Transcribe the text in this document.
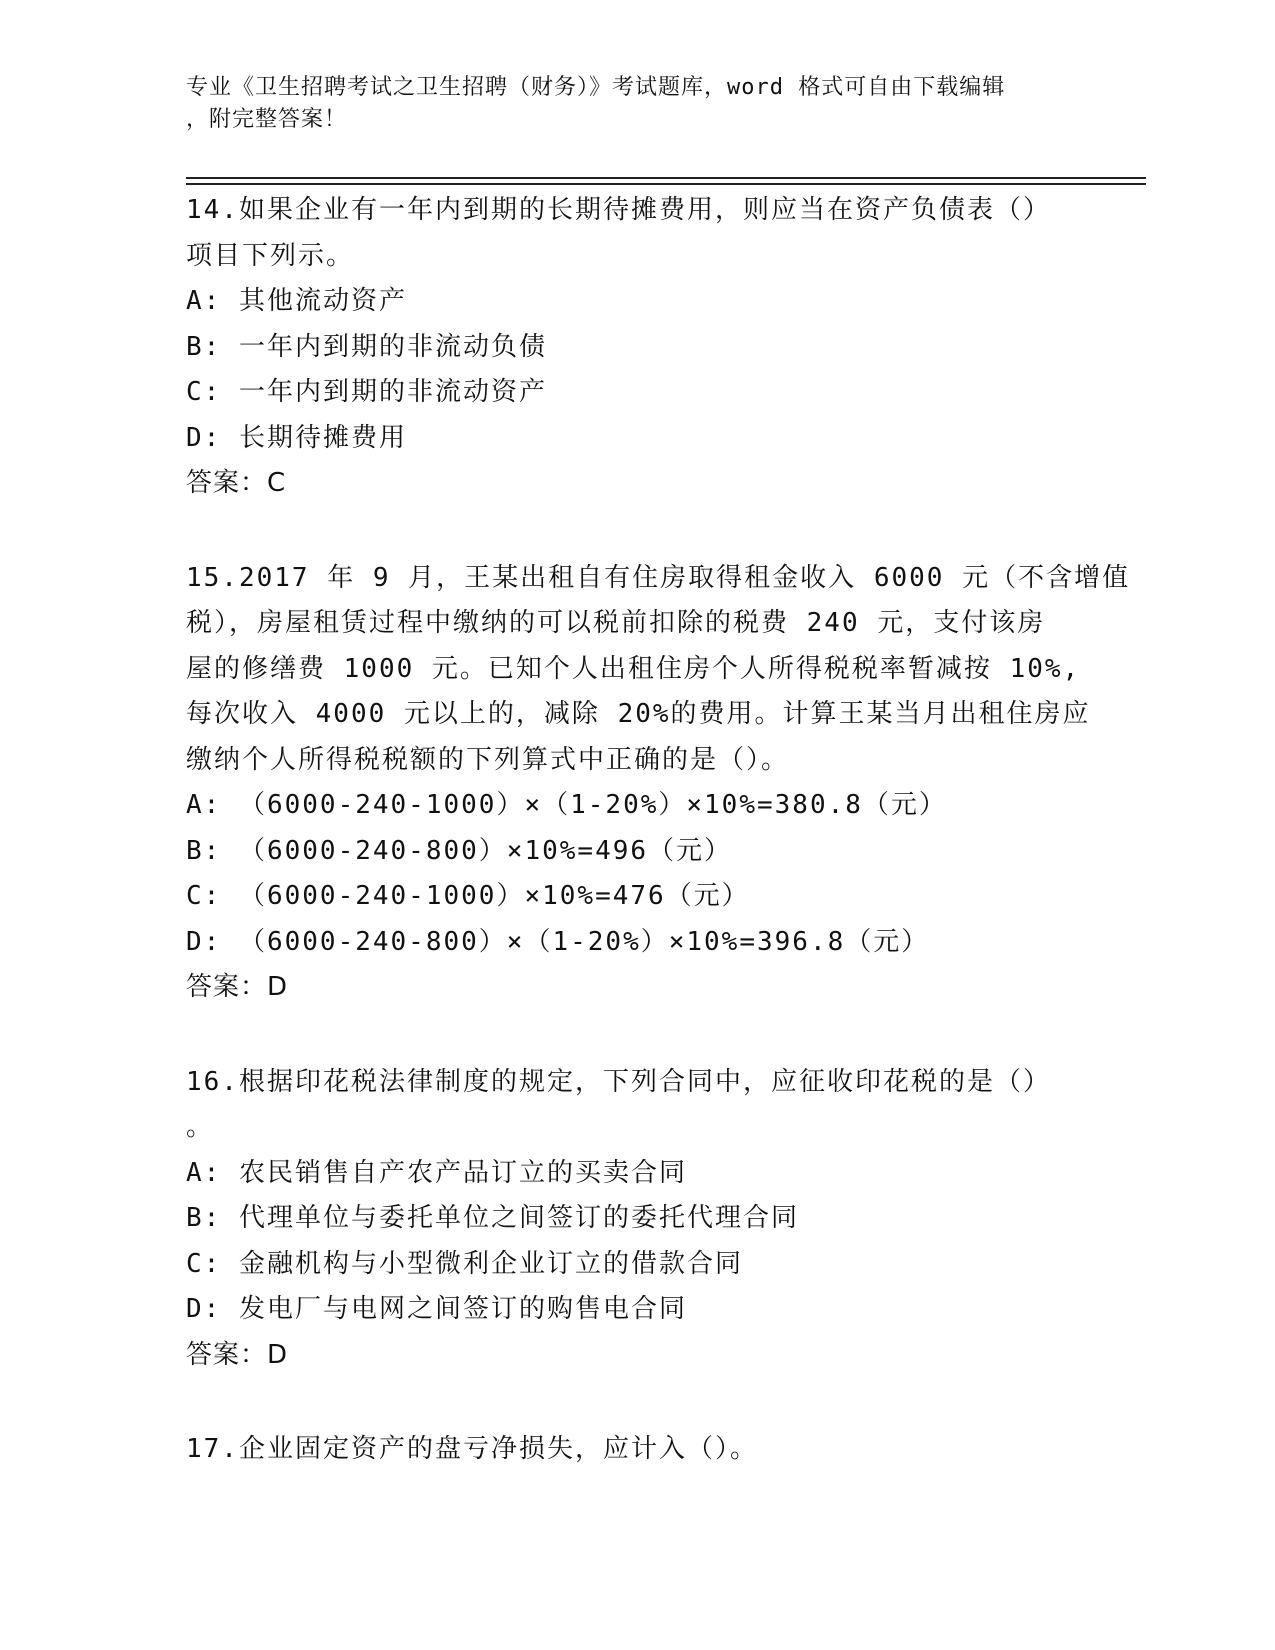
专业《卫生招聘考试之卫生招聘（财务）》考试题库，word 格式可自由下载编辑
，附完整答案！
14.如果企业有一年内到期的长期待摊费用，则应当在资产负债表（）
项目下列示。
A: 其他流动资产
B: 一年内到期的非流动负债
C: 一年内到期的非流动资产
D: 长期待摊费用
答案：C
15.2017 年 9 月，王某出租自有住房取得租金收入 6000 元（不含增值
税），房屋租赁过程中缴纳的可以税前扣除的税费 240 元，支付该房
屋的修缮费 1000 元。已知个人出租住房个人所得税税率暂减按 10%,
每次收入 4000 元以上的，减除 20%的费用。计算王某当月出租住房应
缴纳个人所得税税额的下列算式中正确的是（）。
A: （6000-240-1000）×（1-20%）×10%=380.8（元）
B: （6000-240-800）×10%=496（元）
C: （6000-240-1000）×10%=476（元）
D: （6000-240-800）×（1-20%）×10%=396.8（元）
答案：D
16.根据印花税法律制度的规定，下列合同中，应征收印花税的是（）
。
A: 农民销售自产农产品订立的买卖合同
B: 代理单位与委托单位之间签订的委托代理合同
C: 金融机构与小型微利企业订立的借款合同
D: 发电厂与电网之间签订的购售电合同
答案：D
17.企业固定资产的盘亏净损失，应计入（）。
